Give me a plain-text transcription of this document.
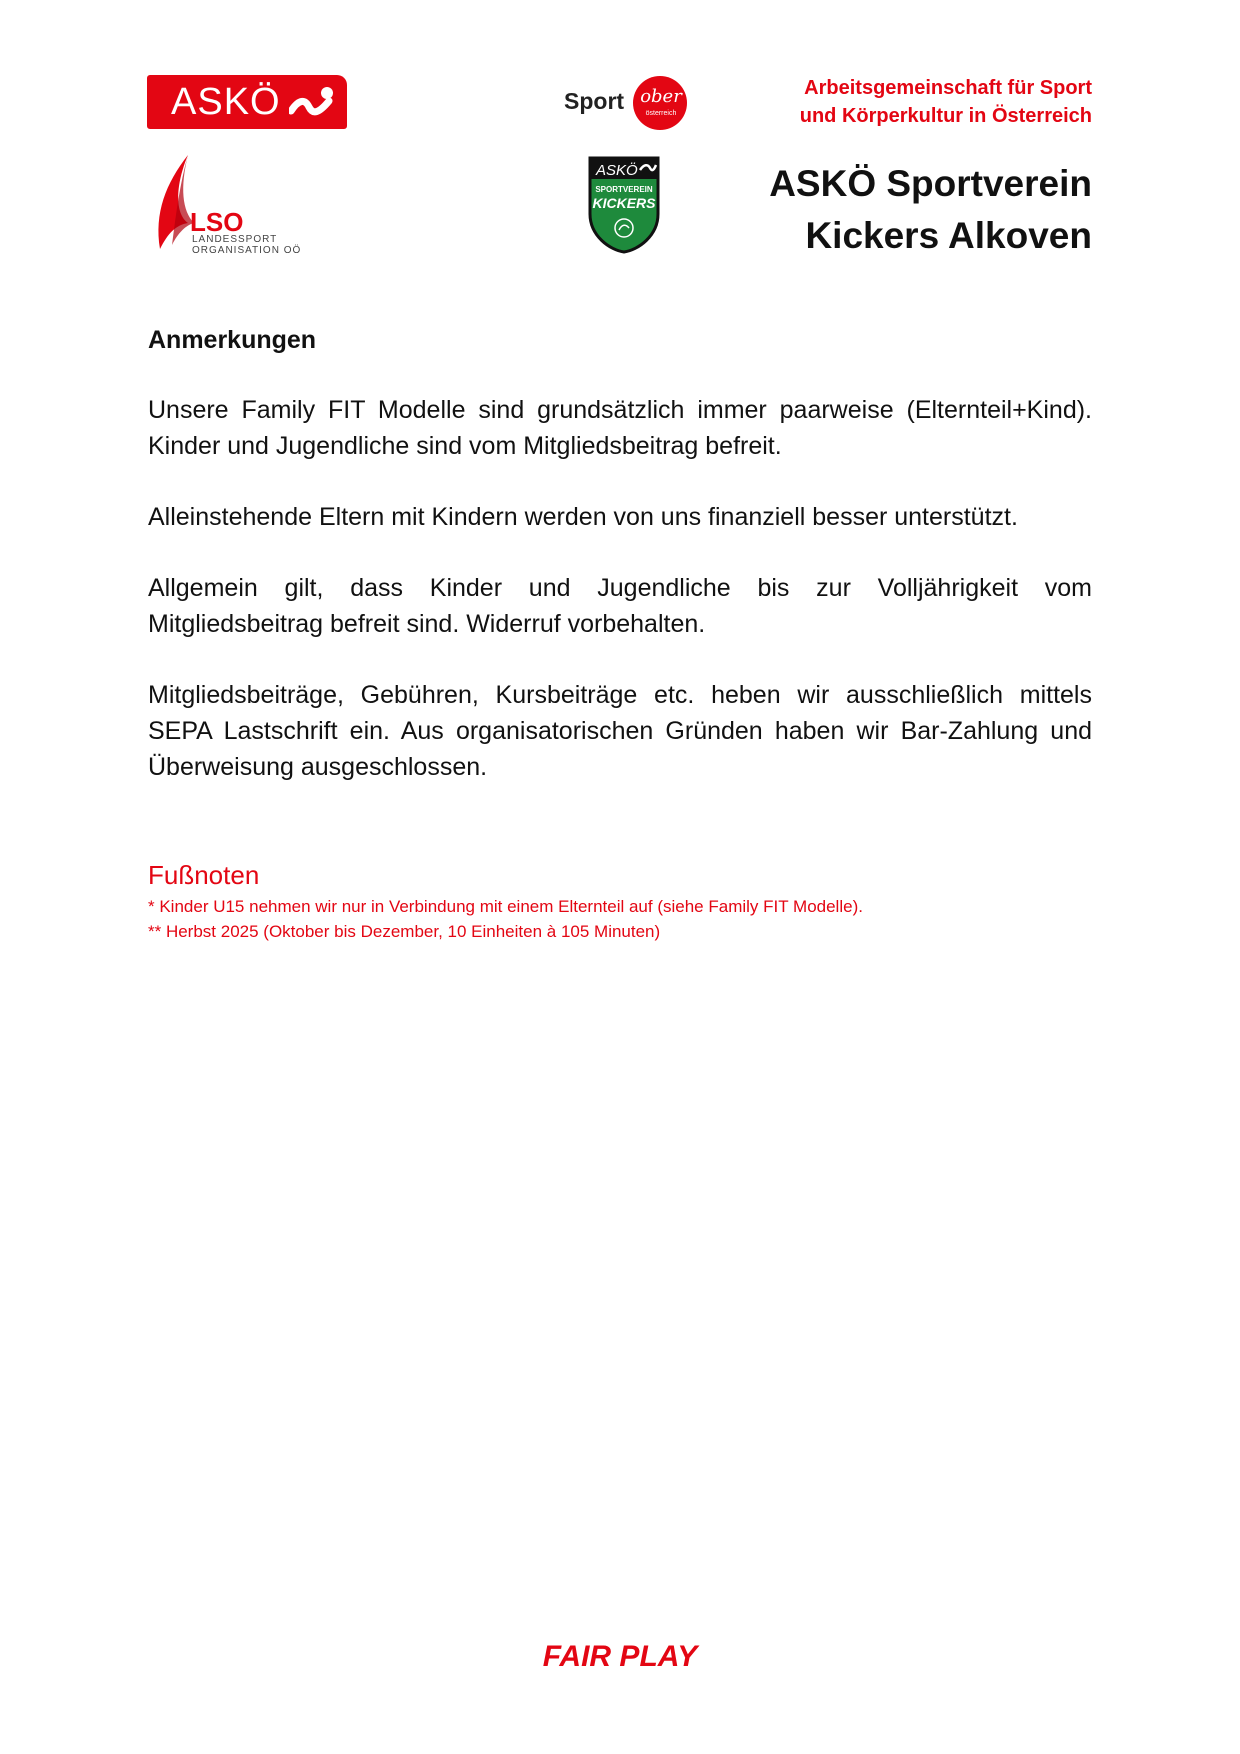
ASKÖ	Sport ober
österreich
Arbeitsgemeinschaft für Sport
und Körperkultur in Österreich
LSO
LANDESSPORT
ORGANISATION OÖ
ASKÖ
SPORTVEREIN
KICKERS	ASKÖ Sportverein
Kickers Alkoven
Anmerkungen

Unsere Family FIT Modelle sind grundsätzlich immer paarweise (Elternteil+Kind). Kinder und Jugendliche sind vom Mitgliedsbeitrag befreit.

Alleinstehende Eltern mit Kindern werden von uns finanziell besser unterstützt.

Allgemein gilt, dass Kinder und Jugendliche bis zur Volljährigkeit vom Mitgliedsbeitrag befreit sind. Widerruf vorbehalten.

Mitgliedsbeiträge, Gebühren, Kursbeiträge etc. heben wir ausschließlich mittels SEPA Lastschrift ein. Aus organisatorischen Gründen haben wir Bar-Zahlung und Überweisung ausgeschlossen.

Fußnoten
* Kinder U15 nehmen wir nur in Verbindung mit einem Elternteil auf (siehe Family FIT Modelle).
** Herbst 2025 (Oktober bis Dezember, 10 Einheiten à 105 Minuten)
FAIR PLAY
